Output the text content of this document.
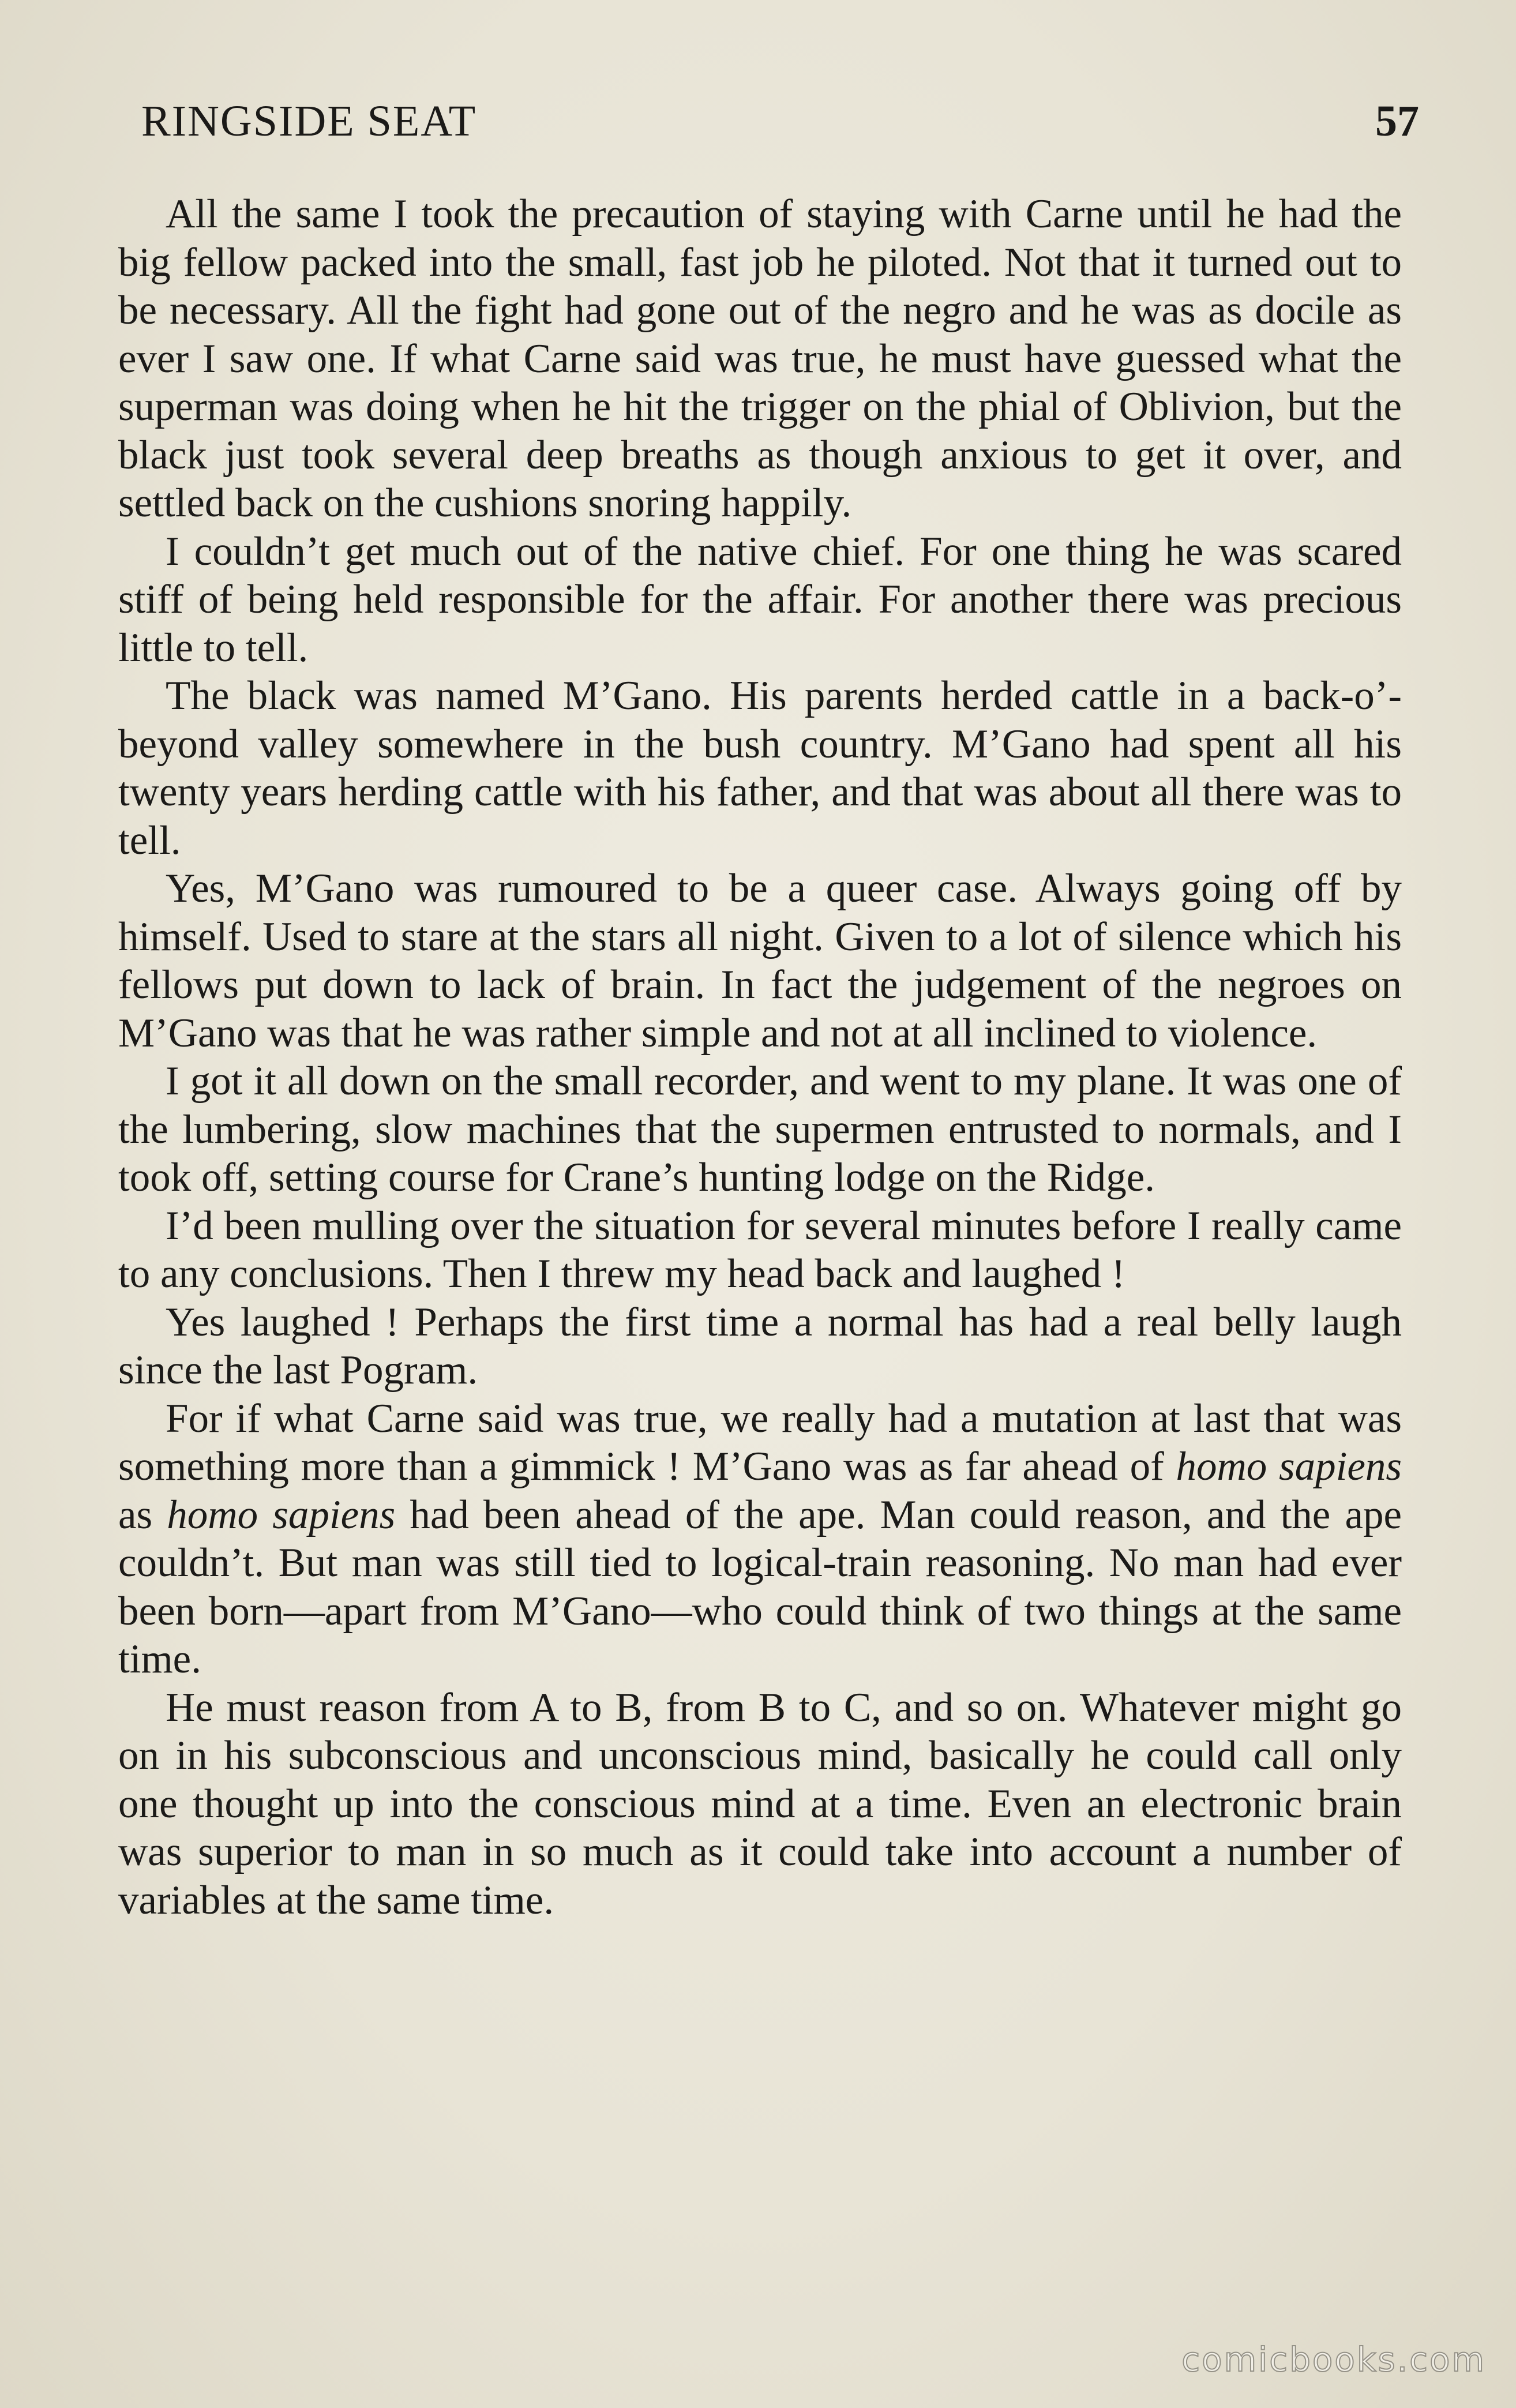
RINGSIDE SEAT	57

All the same I took the precaution of staying with Carne until he had the big fellow packed into the small, fast job he piloted. Not that it turned out to be necessary. All the fight had gone out of the negro and he was as docile as ever I saw one. If what Carne said was true, he must have guessed what the superman was doing when he hit the trigger on the phial of Oblivion, but the black just took several deep breaths as though anxious to get it over, and settled back on the cushions snoring happily.

I couldn’t get much out of the native chief. For one thing he was scared stiff of being held responsible for the affair. For another there was precious little to tell.

The black was named M’Gano. His parents herded cattle in a back-o’-beyond valley somewhere in the bush country. M’Gano had spent all his twenty years herding cattle with his father, and that was about all there was to tell.

Yes, M’Gano was rumoured to be a queer case. Always going off by himself. Used to stare at the stars all night. Given to a lot of silence which his fellows put down to lack of brain. In fact the judgement of the negroes on M’Gano was that he was rather simple and not at all inclined to violence.

I got it all down on the small recorder, and went to my plane. It was one of the lumbering, slow machines that the supermen entrusted to normals, and I took off, setting course for Crane’s hunting lodge on the Ridge.

I’d been mulling over the situation for several minutes before I really came to any conclusions. Then I threw my head back and laughed !

Yes laughed ! Perhaps the first time a normal has had a real belly laugh since the last Pogram.

For if what Carne said was true, we really had a mutation at last that was something more than a gimmick ! M’Gano was as far ahead of homo sapiens as homo sapiens had been ahead of the ape. Man could reason, and the ape couldn’t. But man was still tied to logical-train reasoning. No man had ever been born—apart from M’Gano—who could think of two things at the same time.

He must reason from A to B, from B to C, and so on. Whatever might go on in his subconscious and unconscious mind, basically he could call only one thought up into the conscious mind at a time. Even an electronic brain was superior to man in so much as it could take into account a number of variables at the same time.

comicbooks.com
